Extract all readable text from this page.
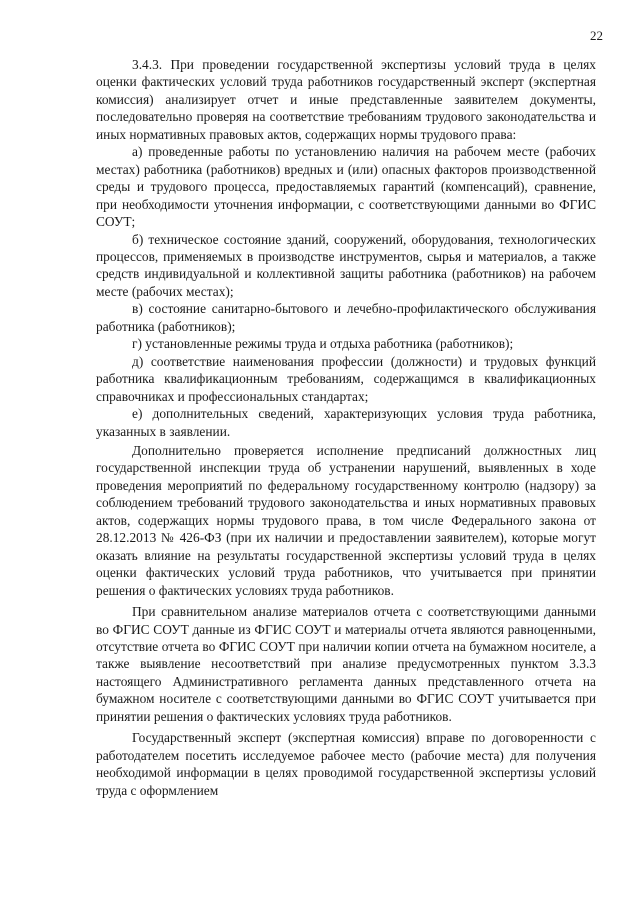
22

3.4.3. При проведении государственной экспертизы условий труда в целях оценки фактических условий труда работников государственный эксперт (экспертная комиссия) анализирует отчет и иные представленные заявителем документы, последовательно проверяя на соответствие требованиям трудового законодательства и иных нормативных правовых актов, содержащих нормы трудового права:

а) проведенные работы по установлению наличия на рабочем месте (рабочих местах) работника (работников) вредных и (или) опасных факторов производственной среды и трудового процесса, предоставляемых гарантий (компенсаций), сравнение, при необходимости уточнения информации, с соответствующими данными во ФГИС СОУТ;

б) техническое состояние зданий, сооружений, оборудования, технологических процессов, применяемых в производстве инструментов, сырья и материалов, а также средств индивидуальной и коллективной защиты работника (работников) на рабочем месте (рабочих местах);

в) состояние санитарно-бытового и лечебно-профилактического обслуживания работника (работников);

г) установленные режимы труда и отдыха работника (работников);

д) соответствие наименования профессии (должности) и трудовых функций работника квалификационным требованиям, содержащимся в квалификационных справочниках и профессиональных стандартах;

е) дополнительных сведений, характеризующих условия труда работника, указанных в заявлении.

Дополнительно проверяется исполнение предписаний должностных лиц государственной инспекции труда об устранении нарушений, выявленных в ходе проведения мероприятий по федеральному государственному контролю (надзору) за соблюдением требований трудового законодательства и иных нормативных правовых актов, содержащих нормы трудового права, в том числе Федерального закона от 28.12.2013 № 426-ФЗ (при их наличии и предоставлении заявителем), которые могут оказать влияние на результаты государственной экспертизы условий труда в целях оценки фактических условий труда работников, что учитывается при принятии решения о фактических условиях труда работников.

При сравнительном анализе материалов отчета с соответствующими данными во ФГИС СОУТ данные из ФГИС СОУТ и материалы отчета являются равноценными, отсутствие отчета во ФГИС СОУТ при наличии копии отчета на бумажном носителе, а также выявление несоответствий при анализе предусмотренных пунктом 3.3.3 настоящего Административного регламента данных представленного отчета на бумажном носителе с соответствующими данными во ФГИС СОУТ учитывается при принятии решения о фактических условиях труда работников.

Государственный эксперт (экспертная комиссия) вправе по договоренности с работодателем посетить исследуемое рабочее место (рабочие места) для получения необходимой информации в целях проводимой государственной экспертизы условий труда с оформлением
